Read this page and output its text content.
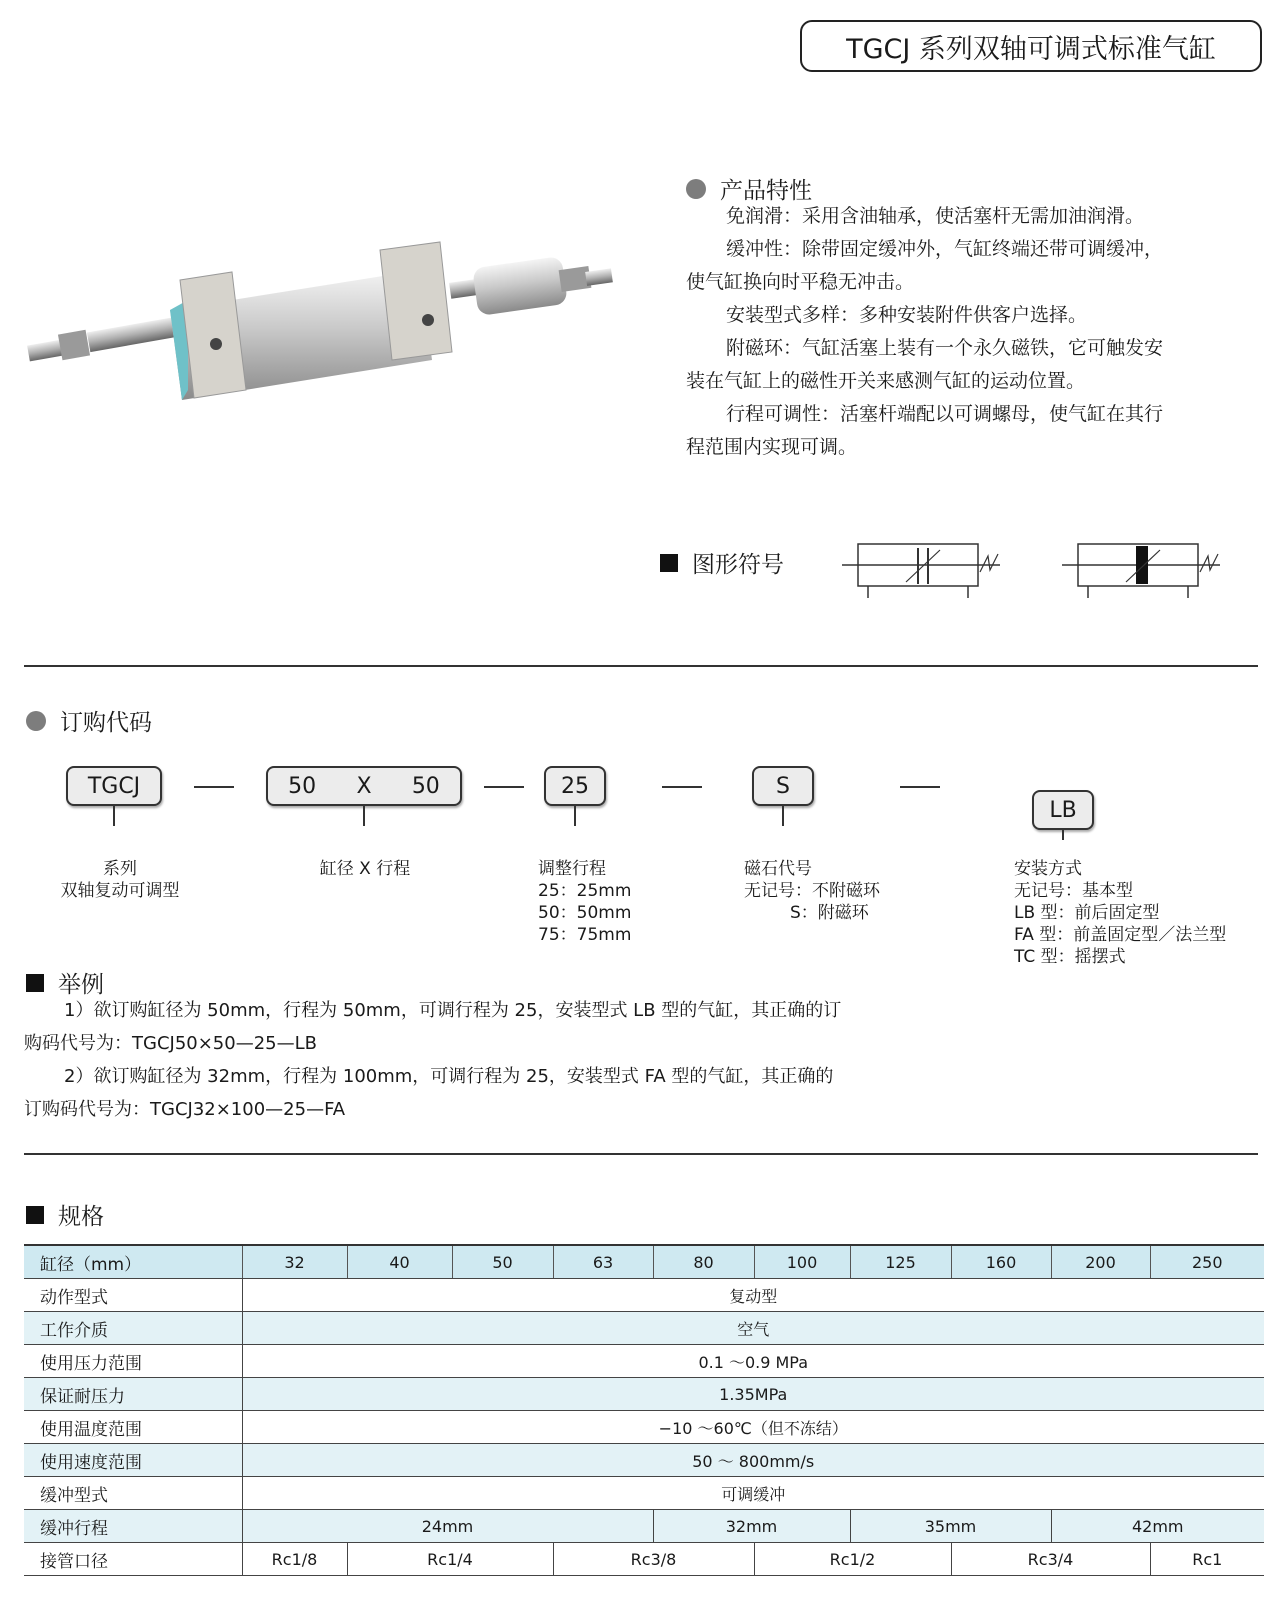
TGCJ 系列双轴可调式标准气缸
产品特性
免润滑：采用含油轴承，使活塞杆无需加油润滑。
缓冲性：除带固定缓冲外，气缸终端还带可调缓冲，
使气缸换向时平稳无冲击。
安装型式多样：多种安装附件供客户选择。
附磁环：气缸活塞上装有一个永久磁铁，它可触发安
装在气缸上的磁性开关来感测气缸的运动位置。
行程可调性：活塞杆端配以可调螺母，使气缸在其行
程范围内实现可调。
图形符号
订购代码
TGCJ	50 X 50	25	S
LB
系列
双轴复动可调型
缸径 X 行程	调整行程
25：25mm
50：50mm
75：75mm
磁石代号
无记号：不附磁环
S：附磁环
安装方式
无记号：基本型
LB 型：前后固定型
FA 型：前盖固定型／法兰型
TC 型：摇摆式
举例
1）欲订购缸径为 50mm，行程为 50mm，可调行程为 25，安装型式 LB 型的气缸，其正确的订
购码代号为：TGCJ50×50—25—LB
2）欲订购缸径为 32mm，行程为 100mm，可调行程为 25，安装型式 FA 型的气缸，其正确的
订购码代号为：TGCJ32×100—25—FA
规格
缸径（mm）	32	40	50	63	80	100	125	160	200	250
动作型式	复动型									
工作介质	空气									
使用压力范围	0.1 ～0.9 MPa									
保证耐压力	1.35MPa									
使用温度范围	−10 ～60℃（但不冻结）									
使用速度范围	50 ～ 800mm/s									
缓冲型式	可调缓冲									
缓冲行程	24mm				32mm		35mm		42mm	
接管口径	Rc1/8	Rc1/4		Rc3/8		Rc1/2		Rc3/4		Rc1
